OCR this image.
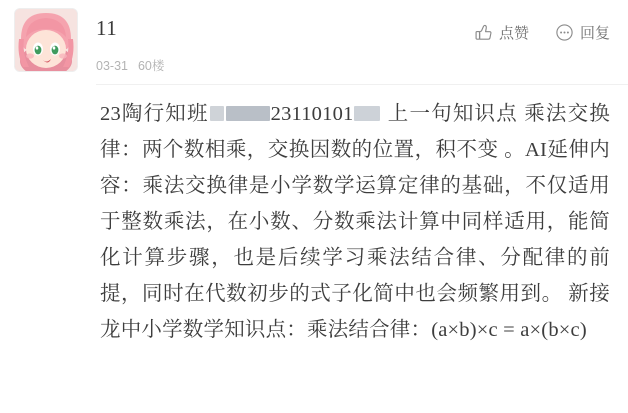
11
03-31 60楼
点赞	回复
23陶行知班	23110101 上一句知识点 乘法交换律：两个数相乘，交换因数的位置，积不变 。AI延伸内容：乘法交换律是小学数学运算定律的基础，不仅适用于整数乘法，在小数、分数乘法计算中同样适用，能简化计算步骤，也是后续学习乘法结合律、分配律的前提，同时在代数初步的式子化简中也会频繁用到。 新接龙中小学数学知识点：乘法结合律：(a×b)×c = a×(b×c)
